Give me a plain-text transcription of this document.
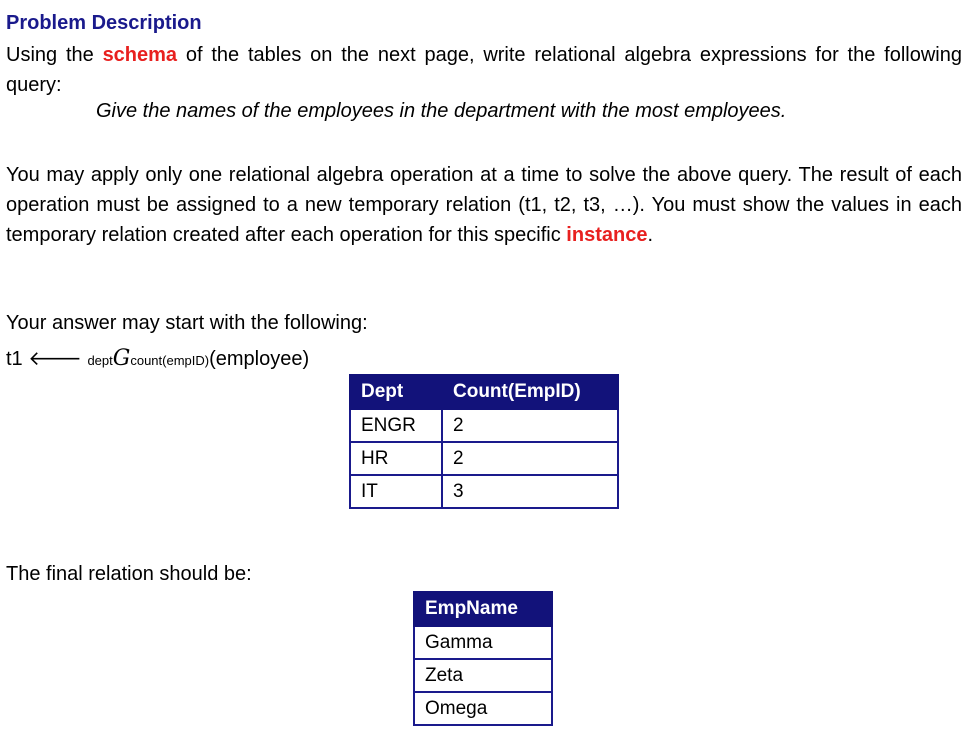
Problem Description
Using the schema of the tables on the next page, write relational algebra expressions for the following query:
Give the names of the employees in the department with the most employees.
You may apply only one relational algebra operation at a time to solve the above query. The result of each operation must be assigned to a new temporary relation (t1, t2, t3, …). You must show the values in each temporary relation created after each operation for this specific instance.
Your answer may start with the following:
t1 🡐 deptGcount(empID)(employee)
Dept	Count(EmpID)
ENGR	2
HR	2
IT	3
The final relation should be:
EmpName
Gamma
Zeta
Omega
